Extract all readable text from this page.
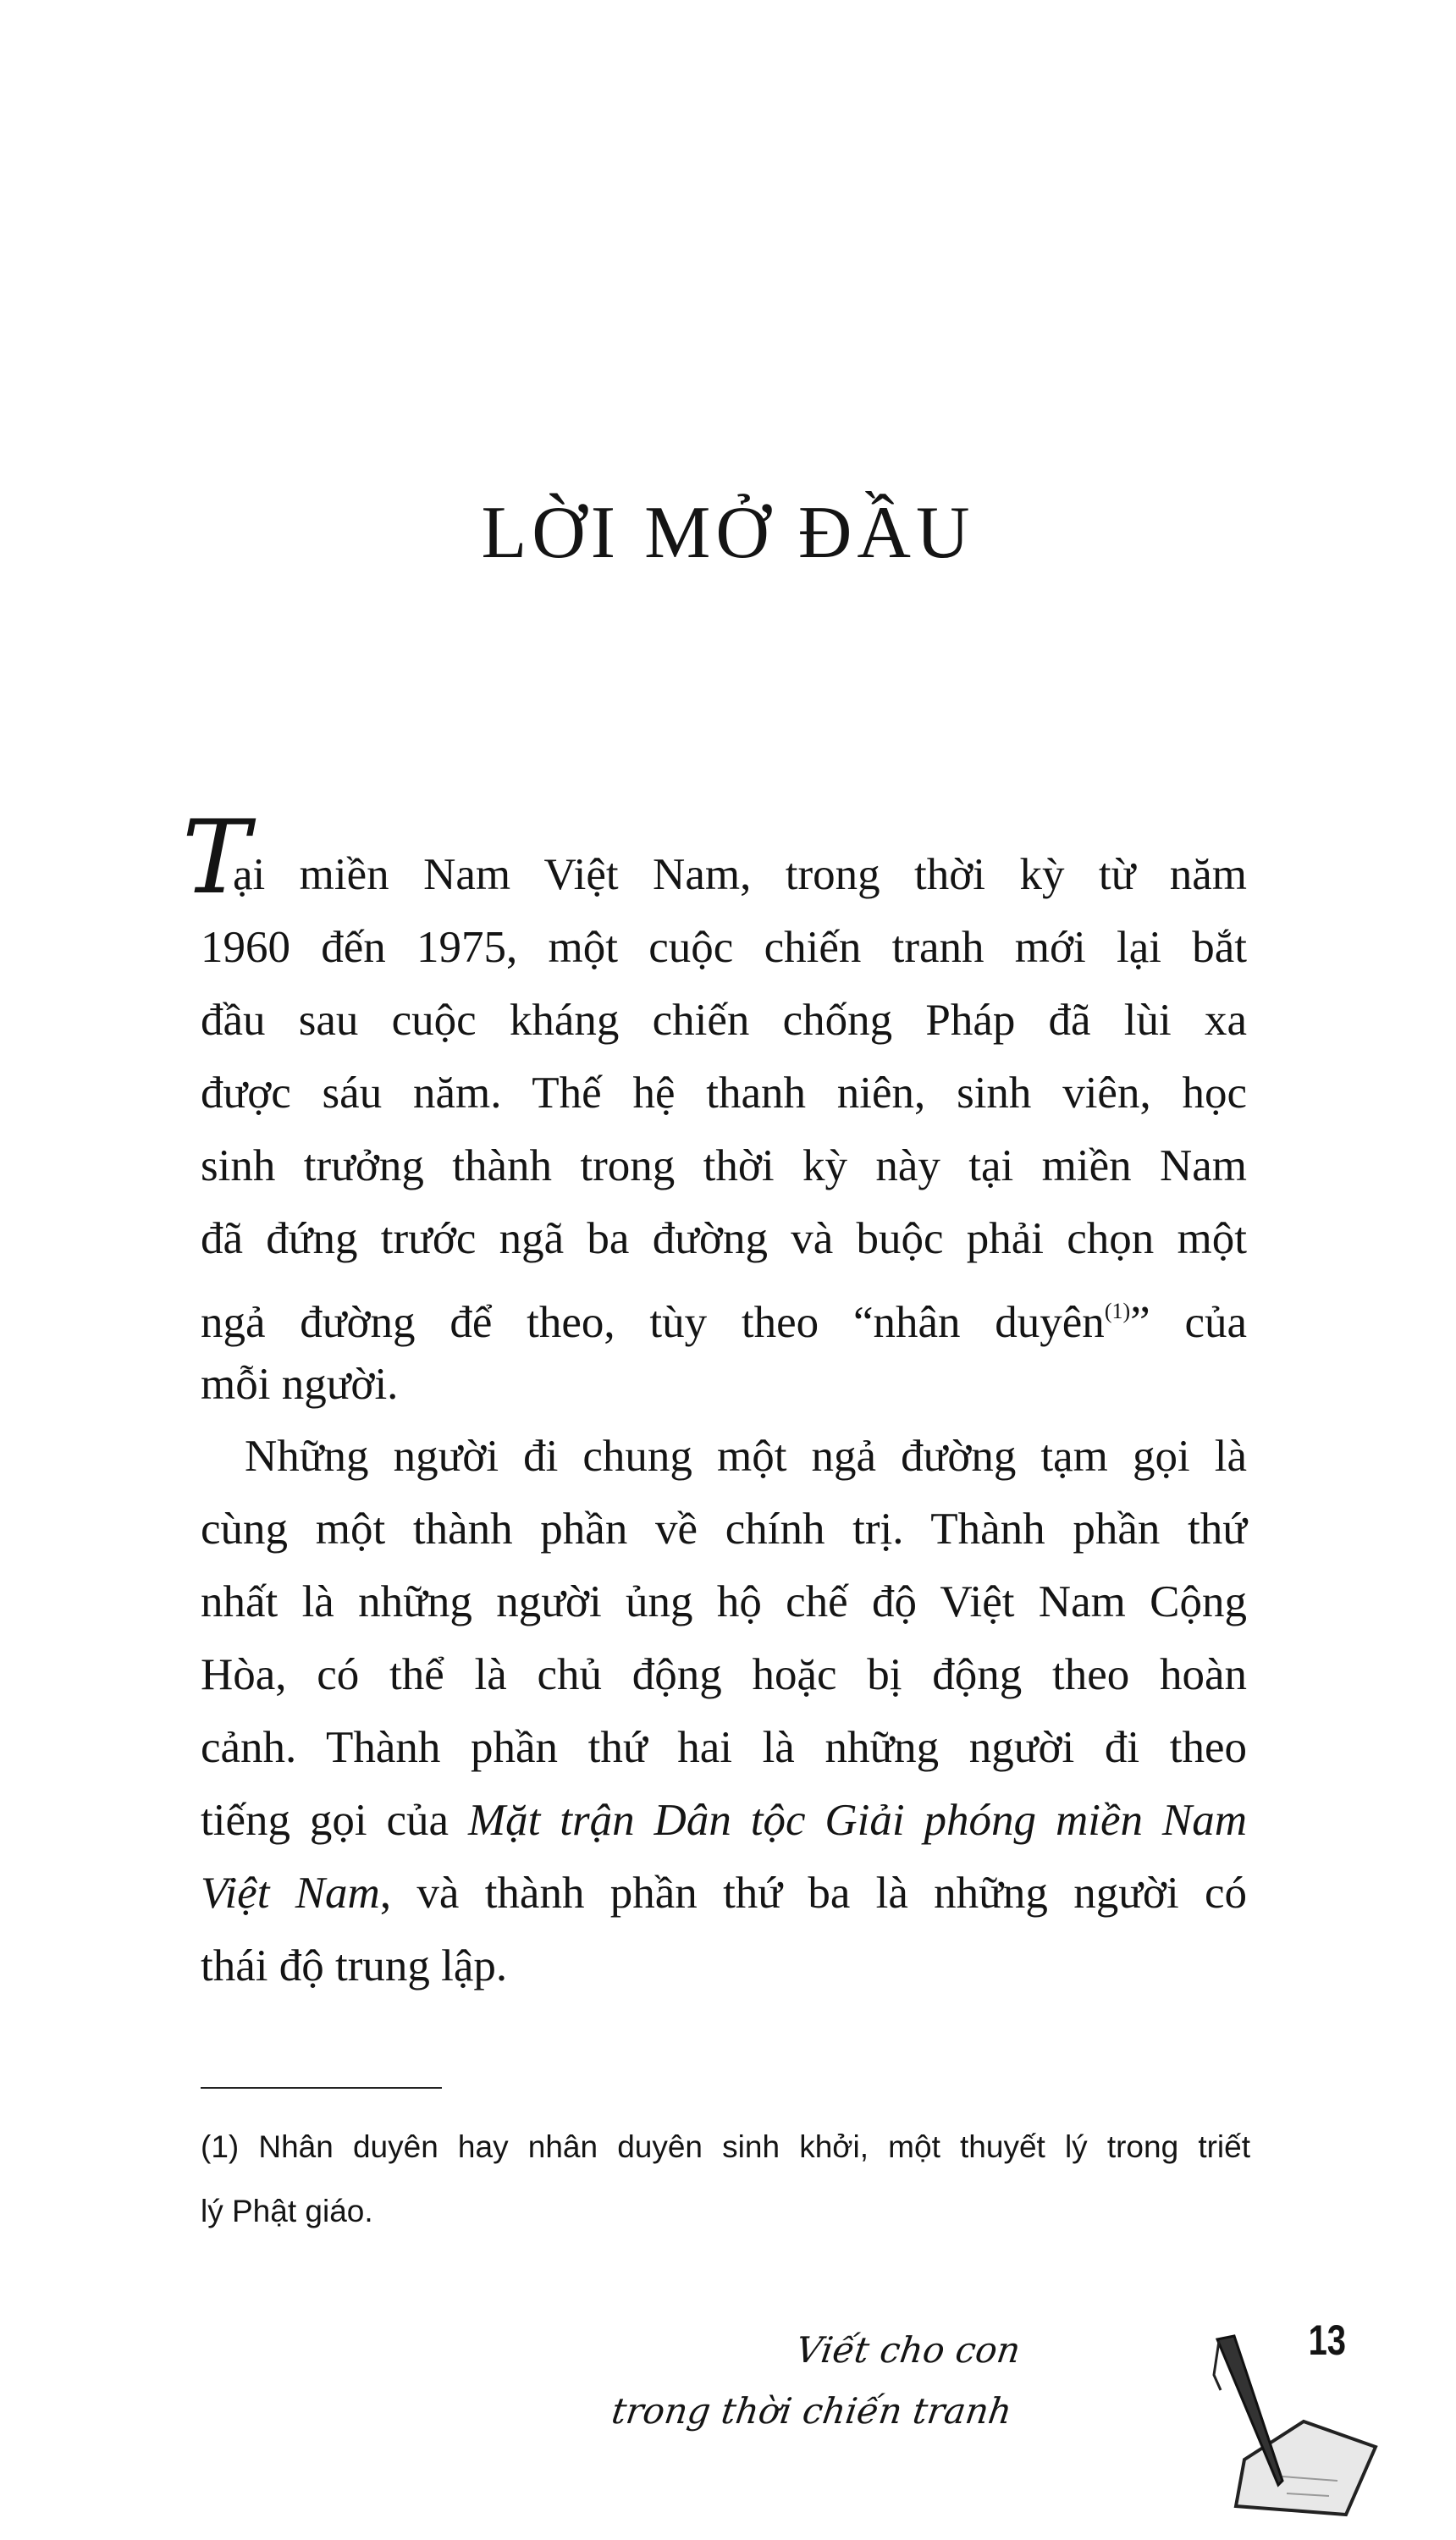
LỜI MỞ ĐẦU
T
ại miền Nam Việt Nam, trong thời kỳ từ năm
1960 đến 1975, một cuộc chiến tranh mới lại bắt
đầu sau cuộc kháng chiến chống Pháp đã lùi xa
được sáu năm. Thế hệ thanh niên, sinh viên, học
sinh trưởng thành trong thời kỳ này tại miền Nam
đã đứng trước ngã ba đường và buộc phải chọn một
ngả đường để theo, tùy theo “nhân duyên$^{(1)}$” của
mỗi người.
Những người đi chung một ngả đường tạm gọi là
cùng một thành phần về chính trị. Thành phần thứ
nhất là những người ủng hộ chế độ Việt Nam Cộng
Hòa, có thể là chủ động hoặc bị động theo hoàn
cảnh. Thành phần thứ hai là những người đi theo
tiếng gọi của Mặt trận Dân tộc Giải phóng miền Nam
Việt Nam, và thành phần thứ ba là những người có
thái độ trung lập.
(1) Nhân duyên hay nhân duyên sinh khởi, một thuyết lý trong triết
lý Phật giáo.
Viết cho con
trong thời chiến tranh
13
